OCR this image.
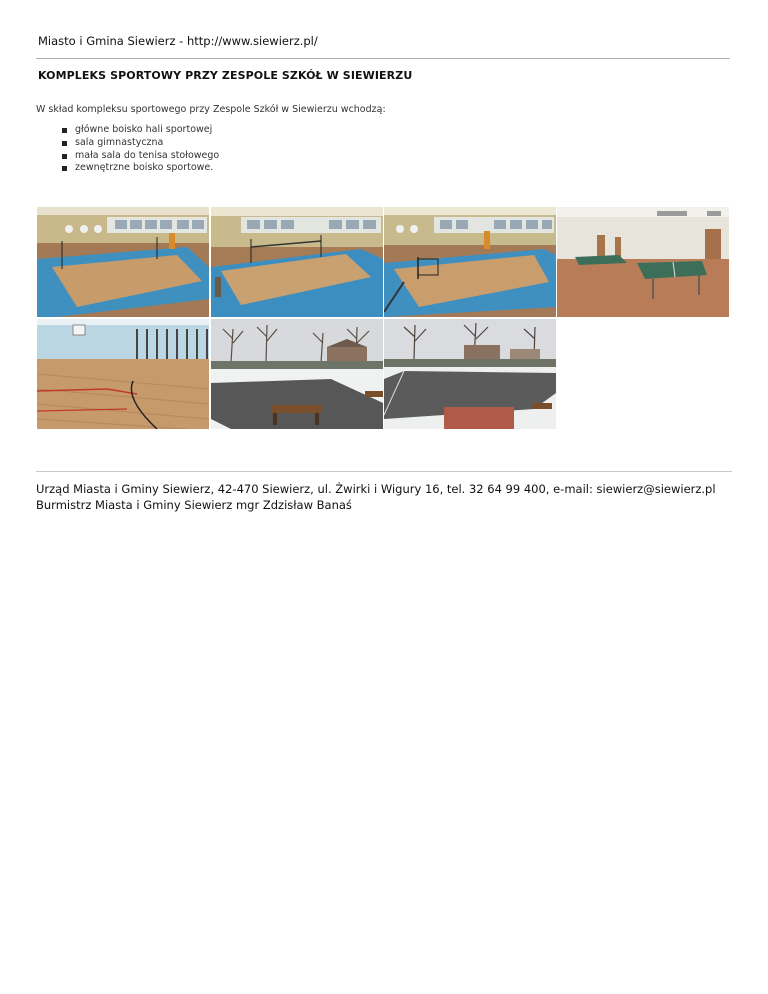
Miasto i Gmina Siewierz - http://www.siewierz.pl/
KOMPLEKS SPORTOWY PRZY ZESPOLE SZKÓŁ W SIEWIERZU

W skład kompleksu sportowego przy Zespole Szkół w Siewierzu wchodzą:

główne boisko hali sportowej
sala gimnastyczna
mała sala do tenisa stołowego
zewnętrzne boisko sportowe.
Urząd Miasta i Gminy Siewierz, 42-470 Siewierz, ul. Żwirki i Wigury 16, tel. 32 64 99 400, e-mail: siewierz@siewierz.pl
Burmistrz Miasta i Gminy Siewierz mgr Zdzisław Banaś
